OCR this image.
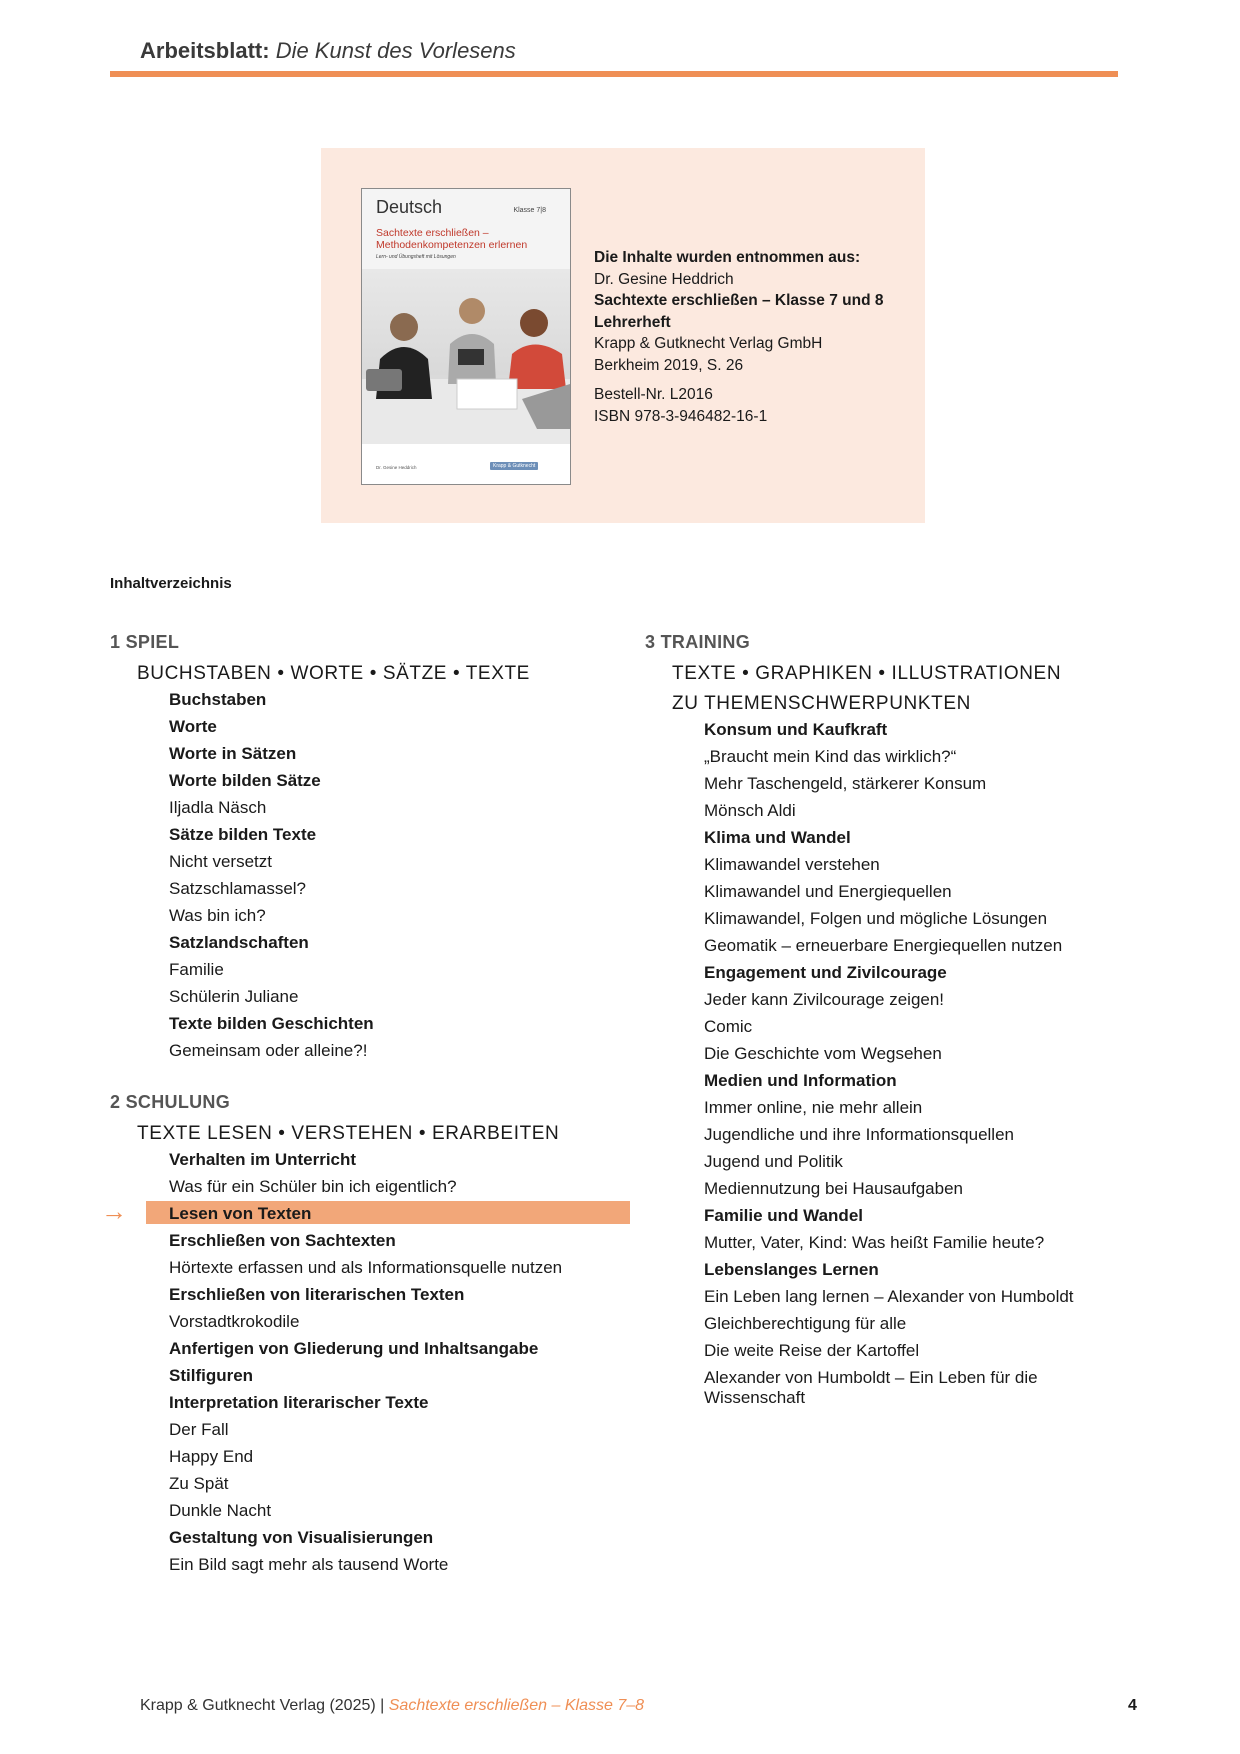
Arbeitsblatt: Die Kunst des Vorlesens
Deutsch	Klasse 7|8
Sachtexte erschließen –
Methodenkompetenzen erlernen
Lern- und Übungsheft mit Lösungen
Dr. Gesine Heddrich	Krapp & Gutknecht
Die Inhalte wurden entnommen aus:
Dr. Gesine Heddrich
Sachtexte erschließen – Klasse 7 und 8
Lehrerheft
Krapp & Gutknecht Verlag GmbH
Berkheim 2019, S. 26
Bestell-Nr. L2016
ISBN 978-3-946482-16-1
Inhaltverzeichnis
1 SPIEL
BUCHSTABEN • WORTE • SÄTZE • TEXTE
Buchstaben
Worte
Worte in Sätzen
Worte bilden Sätze
Iljadla Näsch
Sätze bilden Texte
Nicht versetzt
Satzschlamassel?
Was bin ich?
Satzlandschaften
Familie
Schülerin Juliane
Texte bilden Geschichten
Gemeinsam oder alleine?!
2 SCHULUNG
TEXTE LESEN • VERSTEHEN • ERARBEITEN
Verhalten im Unterricht
Was für ein Schüler bin ich eigentlich?
→ Lesen von Texten
Erschließen von Sachtexten
Hörtexte erfassen und als Informationsquelle nutzen
Erschließen von literarischen Texten
Vorstadtkrokodile
Anfertigen von Gliederung und Inhaltsangabe
Stilfiguren
Interpretation literarischer Texte
Der Fall
Happy End
Zu Spät
Dunkle Nacht
Gestaltung von Visualisierungen
Ein Bild sagt mehr als tausend Worte
3 TRAINING
TEXTE • GRAPHIKEN • ILLUSTRATIONEN
ZU THEMENSCHWERPUNKTEN
Konsum und Kaufkraft
„Braucht mein Kind das wirklich?“
Mehr Taschengeld, stärkerer Konsum
Mönsch Aldi
Klima und Wandel
Klimawandel verstehen
Klimawandel und Energiequellen
Klimawandel, Folgen und mögliche Lösungen
Geomatik – erneuerbare Energiequellen nutzen
Engagement und Zivilcourage
Jeder kann Zivilcourage zeigen!
Comic
Die Geschichte vom Wegsehen
Medien und Information
Immer online, nie mehr allein
Jugendliche und ihre Informationsquellen
Jugend und Politik
Mediennutzung bei Hausaufgaben
Familie und Wandel
Mutter, Vater, Kind: Was heißt Familie heute?
Lebenslanges Lernen
Ein Leben lang lernen – Alexander von Humboldt
Gleichberechtigung für alle
Die weite Reise der Kartoffel
Alexander von Humboldt – Ein Leben für die Wissenschaft
Krapp & Gutknecht Verlag (2025) | Sachtexte erschließen – Klasse 7–8	4
